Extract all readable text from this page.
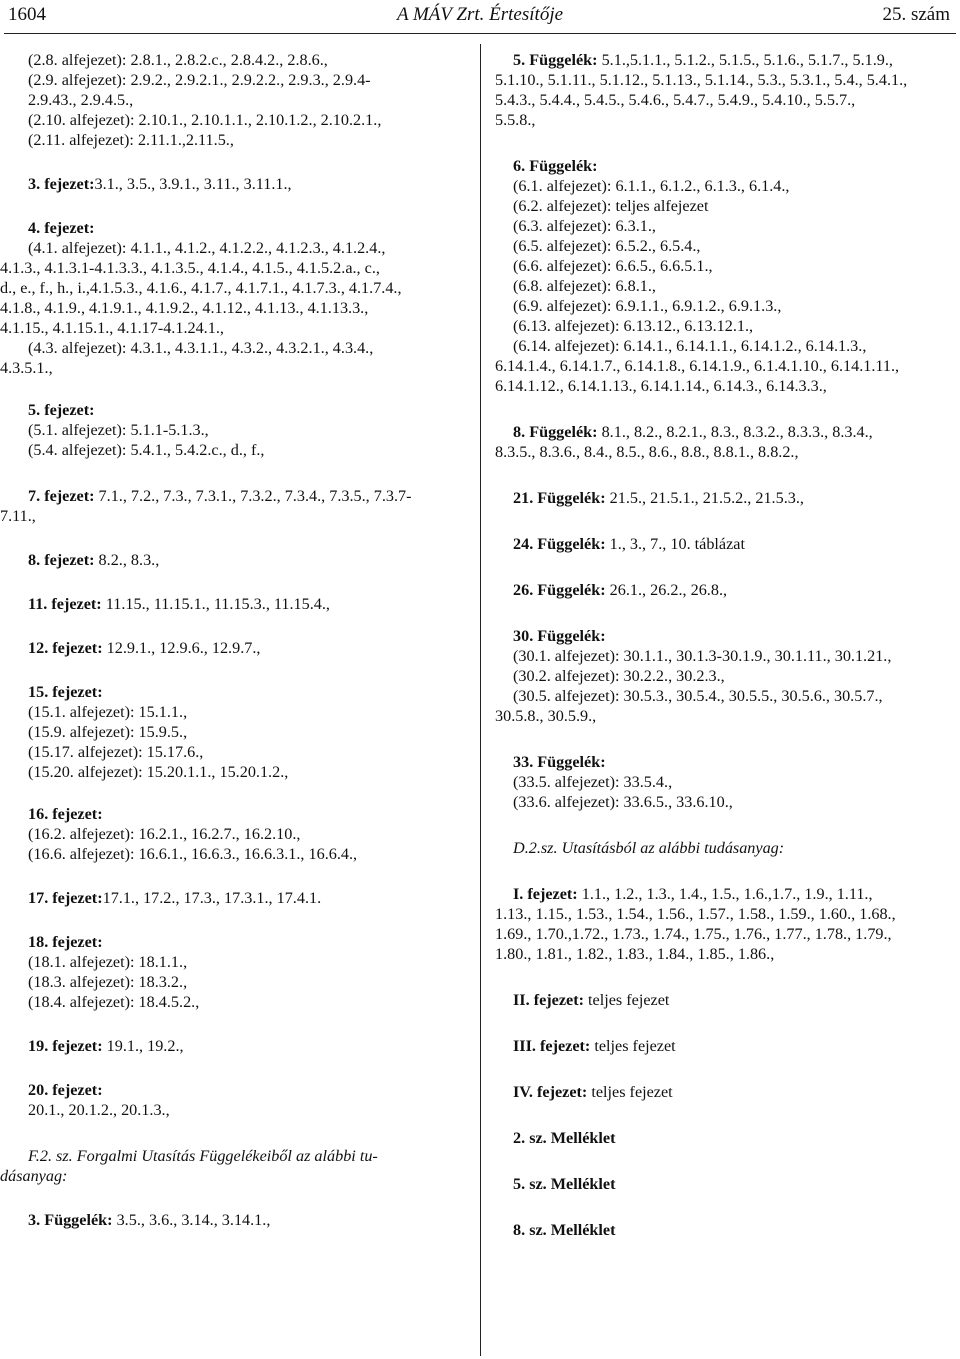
1604	A MÁV Zrt. Értesítője	25. szám
(2.8. alfejezet): 2.8.1., 2.8.2.c., 2.8.4.2., 2.8.6.,
(2.9. alfejezet): 2.9.2., 2.9.2.1., 2.9.2.2., 2.9.3., 2.9.4-
2.9.43., 2.9.4.5.,
(2.10. alfejezet): 2.10.1., 2.10.1.1., 2.10.1.2., 2.10.2.1.,
(2.11. alfejezet): 2.11.1.,2.11.5.,
3. fejezet:3.1., 3.5., 3.9.1., 3.11., 3.11.1.,
4. fejezet:
(4.1. alfejezet): 4.1.1., 4.1.2., 4.1.2.2., 4.1.2.3., 4.1.2.4.,
4.1.3., 4.1.3.1-4.1.3.3., 4.1.3.5., 4.1.4., 4.1.5., 4.1.5.2.a., c.,
d., e., f., h., i.,4.1.5.3., 4.1.6., 4.1.7., 4.1.7.1., 4.1.7.3., 4.1.7.4.,
4.1.8., 4.1.9., 4.1.9.1., 4.1.9.2., 4.1.12., 4.1.13., 4.1.13.3.,
4.1.15., 4.1.15.1., 4.1.17-4.1.24.1.,
(4.3. alfejezet): 4.3.1., 4.3.1.1., 4.3.2., 4.3.2.1., 4.3.4.,
4.3.5.1.,
5. fejezet:
(5.1. alfejezet): 5.1.1-5.1.3.,
(5.4. alfejezet): 5.4.1., 5.4.2.c., d., f.,
7. fejezet: 7.1., 7.2., 7.3., 7.3.1., 7.3.2., 7.3.4., 7.3.5., 7.3.7-
7.11.,
8. fejezet: 8.2., 8.3.,
11. fejezet: 11.15., 11.15.1., 11.15.3., 11.15.4.,
12. fejezet: 12.9.1., 12.9.6., 12.9.7.,
15. fejezet:
(15.1. alfejezet): 15.1.1.,
(15.9. alfejezet): 15.9.5.,
(15.17. alfejezet): 15.17.6.,
(15.20. alfejezet): 15.20.1.1., 15.20.1.2.,
16. fejezet:
(16.2. alfejezet): 16.2.1., 16.2.7., 16.2.10.,
(16.6. alfejezet): 16.6.1., 16.6.3., 16.6.3.1., 16.6.4.,
17. fejezet:17.1., 17.2., 17.3., 17.3.1., 17.4.1.
18. fejezet:
(18.1. alfejezet): 18.1.1.,
(18.3. alfejezet): 18.3.2.,
(18.4. alfejezet): 18.4.5.2.,
19. fejezet: 19.1., 19.2.,
20. fejezet:
20.1., 20.1.2., 20.1.3.,
F.2. sz. Forgalmi Utasítás Függelékeiből az alábbi tu-
dásanyag:
3. Függelék: 3.5., 3.6., 3.14., 3.14.1.,
5. Függelék: 5.1.,5.1.1., 5.1.2., 5.1.5., 5.1.6., 5.1.7., 5.1.9.,
5.1.10., 5.1.11., 5.1.12., 5.1.13., 5.1.14., 5.3., 5.3.1., 5.4., 5.4.1.,
5.4.3., 5.4.4., 5.4.5., 5.4.6., 5.4.7., 5.4.9., 5.4.10., 5.5.7.,
5.5.8.,
6. Függelék:
(6.1. alfejezet): 6.1.1., 6.1.2., 6.1.3., 6.1.4.,
(6.2. alfejezet): teljes alfejezet
(6.3. alfejezet): 6.3.1.,
(6.5. alfejezet): 6.5.2., 6.5.4.,
(6.6. alfejezet): 6.6.5., 6.6.5.1.,
(6.8. alfejezet): 6.8.1.,
(6.9. alfejezet): 6.9.1.1., 6.9.1.2., 6.9.1.3.,
(6.13. alfejezet): 6.13.12., 6.13.12.1.,
(6.14. alfejezet): 6.14.1., 6.14.1.1., 6.14.1.2., 6.14.1.3.,
6.14.1.4., 6.14.1.7., 6.14.1.8., 6.14.1.9., 6.1.4.1.10., 6.14.1.11.,
6.14.1.12., 6.14.1.13., 6.14.1.14., 6.14.3., 6.14.3.3.,
8. Függelék: 8.1., 8.2., 8.2.1., 8.3., 8.3.2., 8.3.3., 8.3.4.,
8.3.5., 8.3.6., 8.4., 8.5., 8.6., 8.8., 8.8.1., 8.8.2.,
21. Függelék: 21.5., 21.5.1., 21.5.2., 21.5.3.,
24. Függelék: 1., 3., 7., 10. táblázat
26. Függelék: 26.1., 26.2., 26.8.,
30. Függelék:
(30.1. alfejezet): 30.1.1., 30.1.3-30.1.9., 30.1.11., 30.1.21.,
(30.2. alfejezet): 30.2.2., 30.2.3.,
(30.5. alfejezet): 30.5.3., 30.5.4., 30.5.5., 30.5.6., 30.5.7.,
30.5.8., 30.5.9.,
33. Függelék:
(33.5. alfejezet): 33.5.4.,
(33.6. alfejezet): 33.6.5., 33.6.10.,
D.2.sz. Utasításból az alábbi tudásanyag:
I. fejezet: 1.1., 1.2., 1.3., 1.4., 1.5., 1.6.,1.7., 1.9., 1.11.,
1.13., 1.15., 1.53., 1.54., 1.56., 1.57., 1.58., 1.59., 1.60., 1.68.,
1.69., 1.70.,1.72., 1.73., 1.74., 1.75., 1.76., 1.77., 1.78., 1.79.,
1.80., 1.81., 1.82., 1.83., 1.84., 1.85., 1.86.,
II. fejezet: teljes fejezet
III. fejezet: teljes fejezet
IV. fejezet: teljes fejezet
2. sz. Melléklet
5. sz. Melléklet
8. sz. Melléklet
